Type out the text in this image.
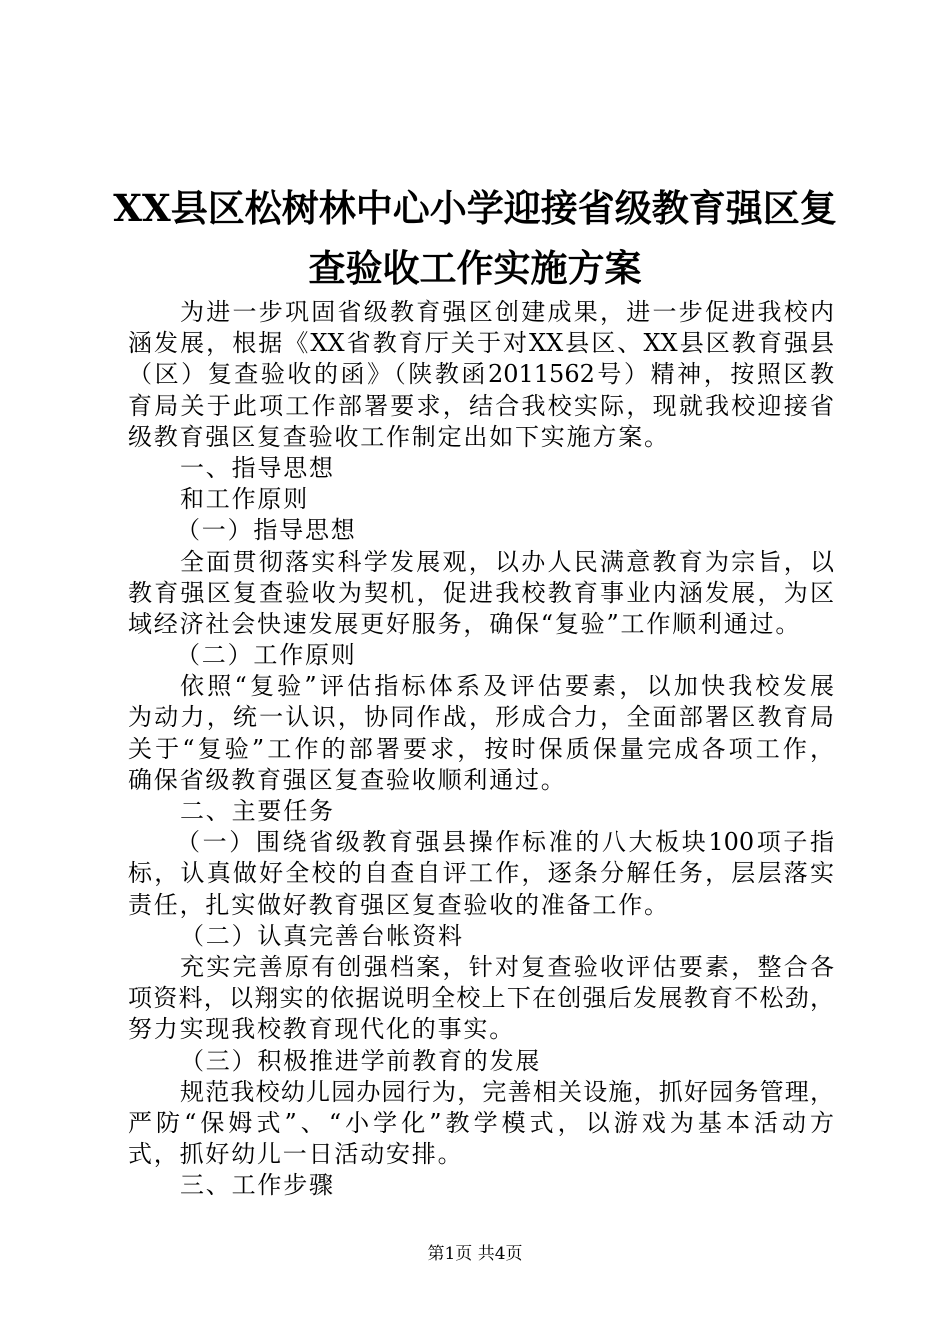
XX县区松树林中心小学迎接省级教育强区复
查验收工作实施方案
为进一步巩固省级教育强区创建成果，进一步促进我校内
涵发展，根据《XX省教育厅关于对XX县区、XX县区教育强县
（区）复查验收的函》（陕教函2011562号）精神，按照区教
育局关于此项工作部署要求，结合我校实际，现就我校迎接省
级教育强区复查验收工作制定出如下实施方案。
一、指导思想
和工作原则
（一）指导思想
全面贯彻落实科学发展观，以办人民满意教育为宗旨，以
教育强区复查验收为契机，促进我校教育事业内涵发展，为区
域经济社会快速发展更好服务，确保“复验”工作顺利通过。
（二）工作原则
依照“复验”评估指标体系及评估要素，以加快我校发展
为动力，统一认识，协同作战，形成合力，全面部署区教育局
关于“复验”工作的部署要求，按时保质保量完成各项工作，
确保省级教育强区复查验收顺利通过。
二、主要任务
（一）围绕省级教育强县操作标准的八大板块100项子指
标，认真做好全校的自查自评工作，逐条分解任务，层层落实
责任，扎实做好教育强区复查验收的准备工作。
（二）认真完善台帐资料
充实完善原有创强档案，针对复查验收评估要素，整合各
项资料，以翔实的依据说明全校上下在创强后发展教育不松劲，
努力实现我校教育现代化的事实。
（三）积极推进学前教育的发展
规范我校幼儿园办园行为，完善相关设施，抓好园务管理，
严防“保姆式”、“小学化”教学模式，以游戏为基本活动方
式，抓好幼儿一日活动安排。
三、工作步骤
第1页 共4页
